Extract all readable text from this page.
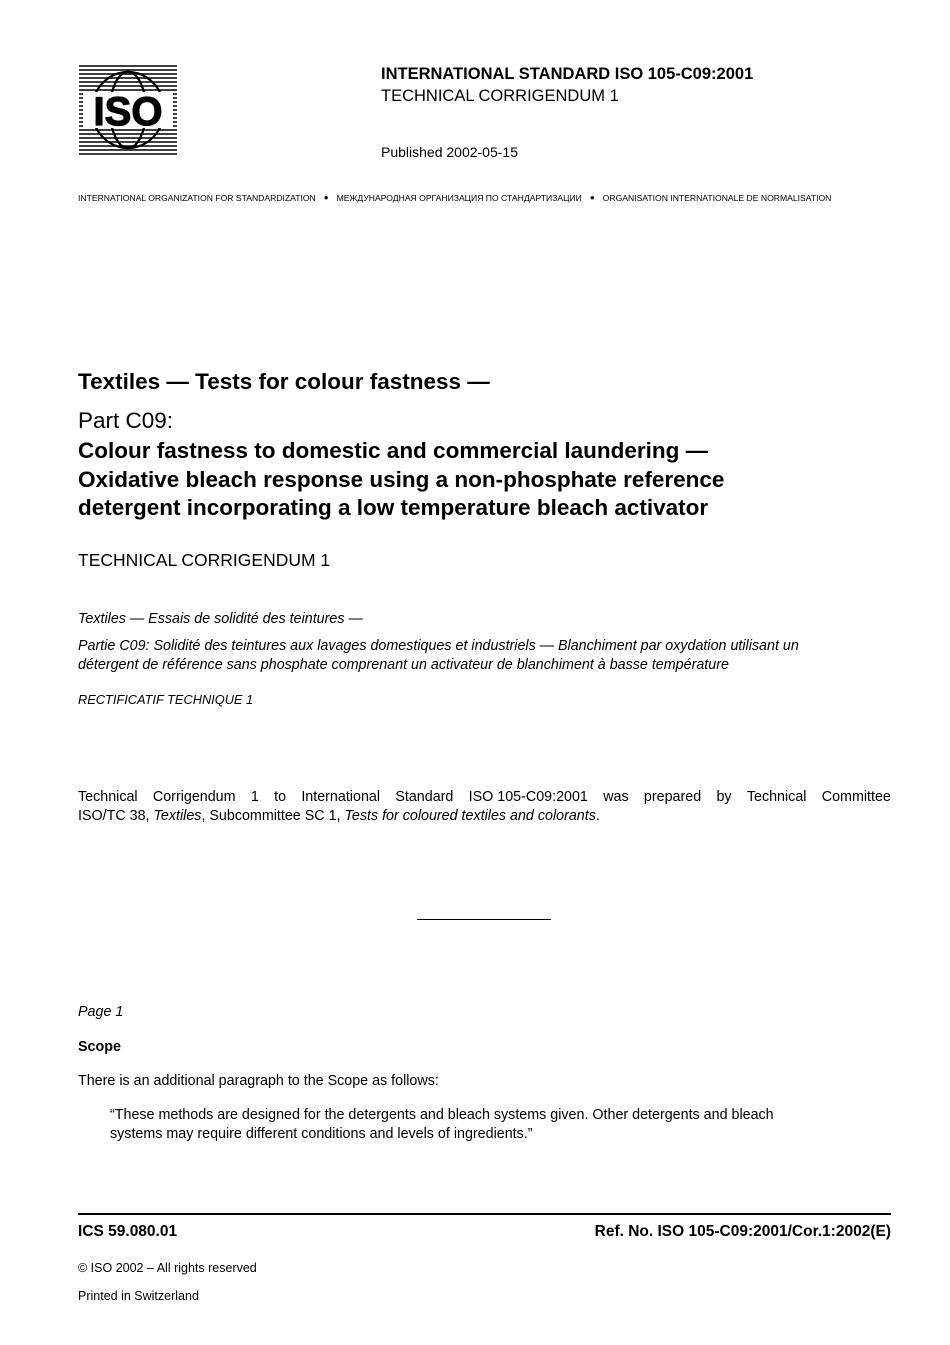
ISO
INTERNATIONAL STANDARD ISO 105-C09:2001
TECHNICAL CORRIGENDUM 1
Published 2002-05-15
INTERNATIONAL ORGANIZATION FOR STANDARDIZATION ● МЕЖДУНАРОДНАЯ ОРГАНИЗАЦИЯ ПО СТАНДАРТИЗАЦИИ ● ORGANISATION INTERNATIONALE DE NORMALISATION
Textiles — Tests for colour fastness —
Part C09:
Colour fastness to domestic and commercial laundering —
Oxidative bleach response using a non-phosphate reference
detergent incorporating a low temperature bleach activator
TECHNICAL CORRIGENDUM 1
Textiles — Essais de solidité des teintures —
Partie C09: Solidité des teintures aux lavages domestiques et industriels — Blanchiment par oxydation utilisant un
détergent de référence sans phosphate comprenant un activateur de blanchiment à basse température
RECTIFICATIF TECHNIQUE 1
Technical Corrigendum 1 to International Standard ISO 105-C09:2001 was prepared by Technical Committee
ISO/TC 38, Textiles, Subcommittee SC 1, Tests for coloured textiles and colorants.
Page 1
Scope
There is an additional paragraph to the Scope as follows:
“These methods are designed for the detergents and bleach systems given. Other detergents and bleach
systems may require different conditions and levels of ingredients.”
ICS 59.080.01	Ref. No. ISO 105-C09:2001/Cor.1:2002(E)
© ISO 2002 – All rights reserved
Printed in Switzerland
